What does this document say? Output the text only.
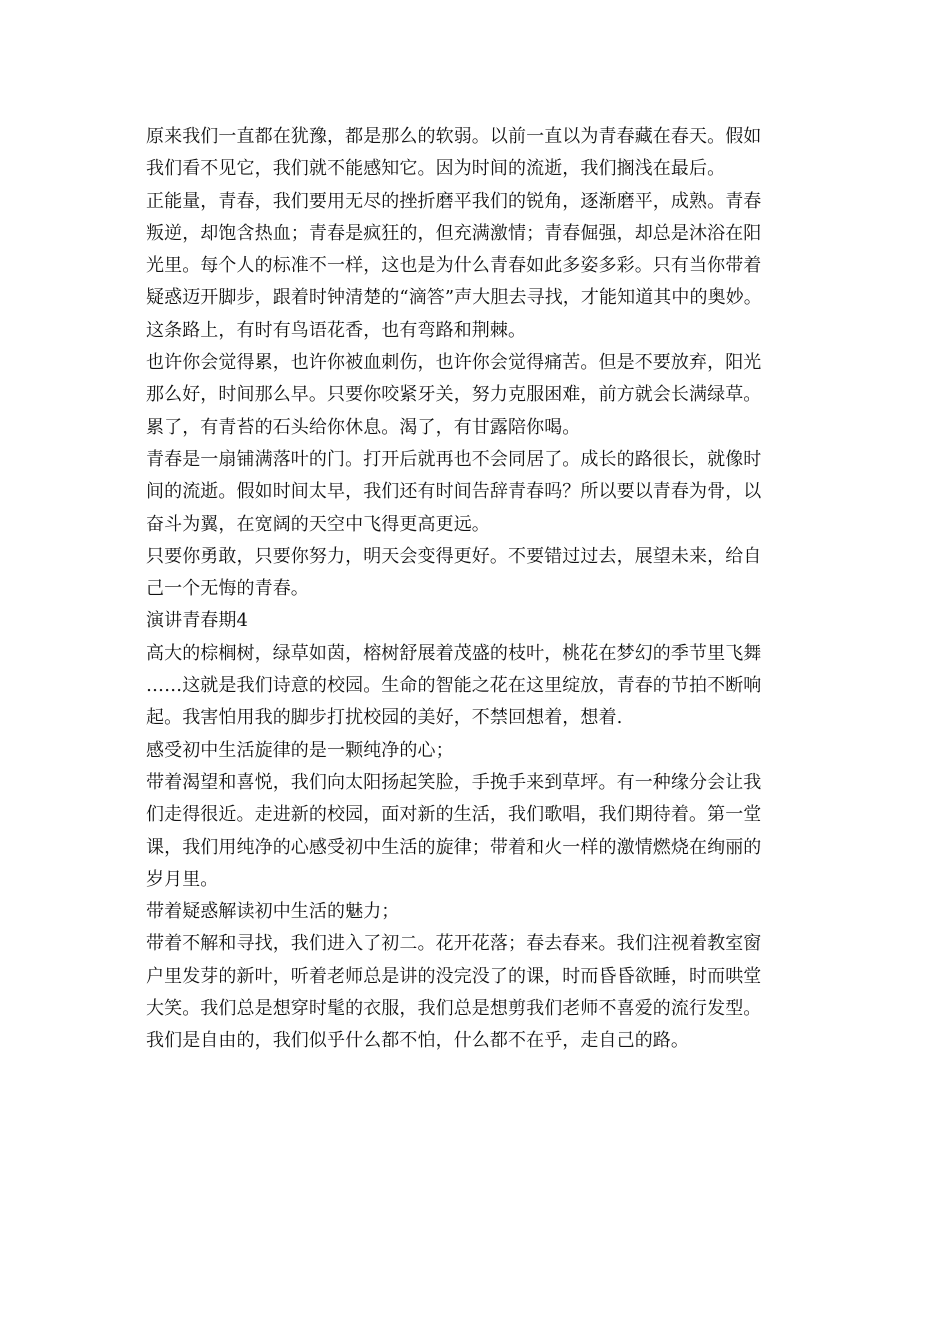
原来我们一直都在犹豫，都是那么的软弱。以前一直以为青春藏在春天。假如
我们看不见它，我们就不能感知它。因为时间的流逝，我们搁浅在最后。
正能量，青春，我们要用无尽的挫折磨平我们的锐角，逐渐磨平，成熟。青春
叛逆，却饱含热血；青春是疯狂的，但充满激情；青春倔强，却总是沐浴在阳
光里。每个人的标准不一样，这也是为什么青春如此多姿多彩。只有当你带着
疑惑迈开脚步，跟着时钟清楚的“滴答”声大胆去寻找，才能知道其中的奥妙。
这条路上，有时有鸟语花香，也有弯路和荆棘。
也许你会觉得累，也许你被血刺伤，也许你会觉得痛苦。但是不要放弃，阳光
那么好，时间那么早。只要你咬紧牙关，努力克服困难，前方就会长满绿草。
累了，有青苔的石头给你休息。渴了，有甘露陪你喝。
青春是一扇铺满落叶的门。打开后就再也不会同居了。成长的路很长，就像时
间的流逝。假如时间太早，我们还有时间告辞青春吗？所以要以青春为骨，以
奋斗为翼，在宽阔的天空中飞得更高更远。
只要你勇敢，只要你努力，明天会变得更好。不要错过过去，展望未来，给自
己一个无悔的青春。
演讲青春期4
高大的棕榈树，绿草如茵，榕树舒展着茂盛的枝叶，桃花在梦幻的季节里飞舞
……这就是我们诗意的校园。生命的智能之花在这里绽放，青春的节拍不断响
起。我害怕用我的脚步打扰校园的美好，不禁回想着，想着.
感受初中生活旋律的是一颗纯净的心；
带着渴望和喜悦，我们向太阳扬起笑脸，手挽手来到草坪。有一种缘分会让我
们走得很近。走进新的校园，面对新的生活，我们歌唱，我们期待着。第一堂
课，我们用纯净的心感受初中生活的旋律；带着和火一样的激情燃烧在绚丽的
岁月里。
带着疑惑解读初中生活的魅力；
带着不解和寻找，我们进入了初二。花开花落；春去春来。我们注视着教室窗
户里发芽的新叶，听着老师总是讲的没完没了的课，时而昏昏欲睡，时而哄堂
大笑。我们总是想穿时髦的衣服，我们总是想剪我们老师不喜爱的流行发型。
我们是自由的，我们似乎什么都不怕，什么都不在乎，走自己的路。
